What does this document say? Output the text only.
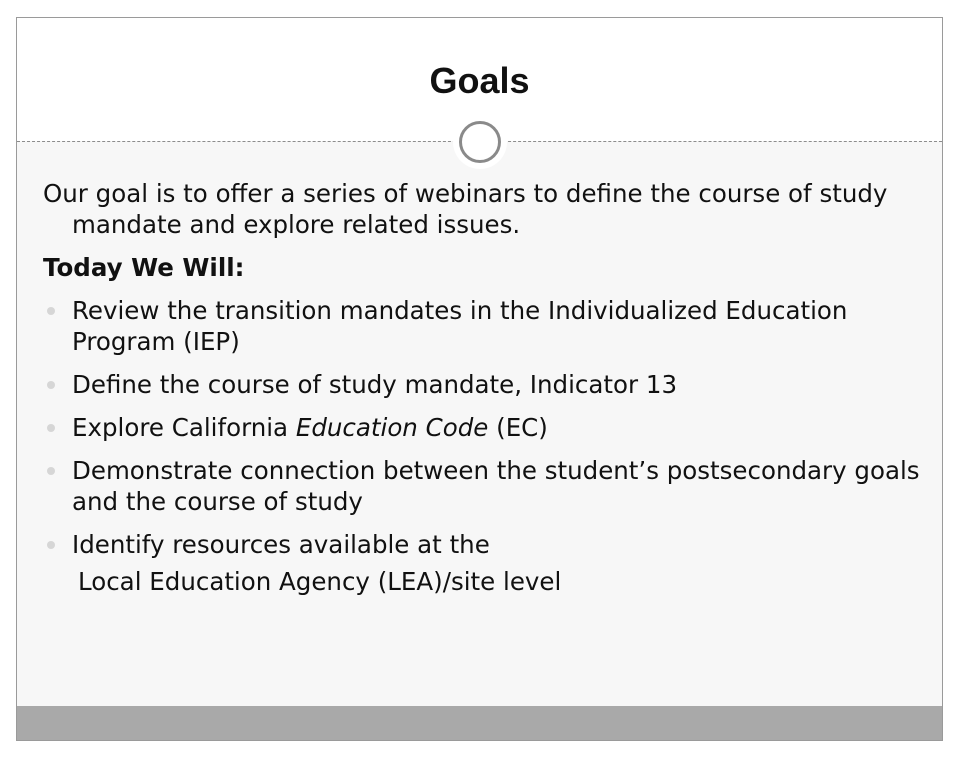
Goals

Our goal is to offer a series of webinars to define the course of study mandate and explore related issues.

Today We Will:

Review the transition mandates in the Individualized Education Program (IEP)
Define the course of study mandate, Indicator 13
Explore California Education Code (EC)
Demonstrate connection between the student’s postsecondary goals and the course of study
Identify resources available at the
Local Education Agency (LEA)/site level
